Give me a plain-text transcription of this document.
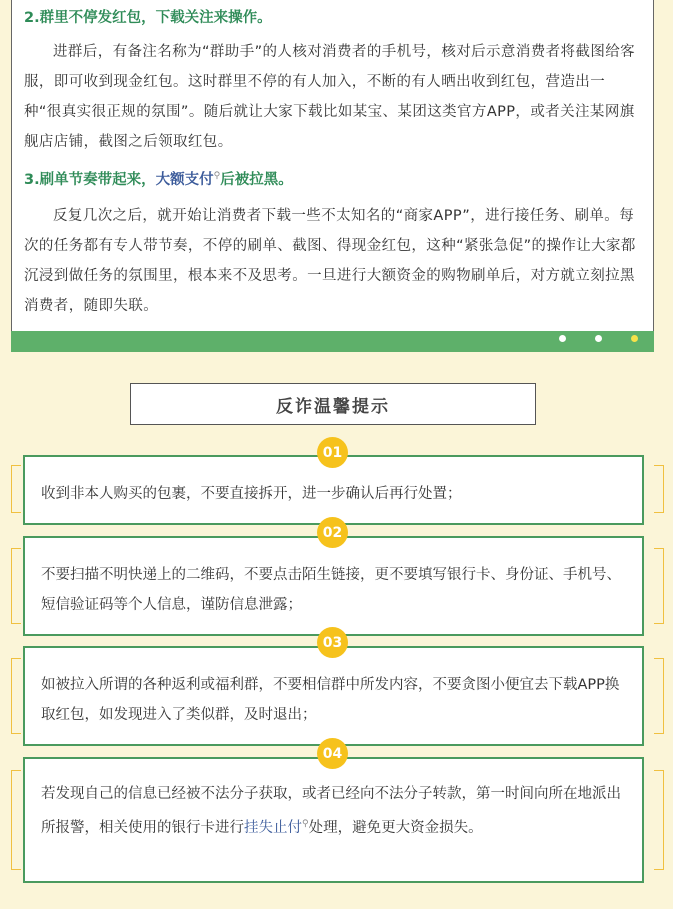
2.群里不停发红包，下载关注来操作。
进群后，有备注名称为“群助手”的人核对消费者的手机号，核对后示意消费者将截图给客服，即可收到现金红包。这时群里不停的有人加入，不断的有人晒出收到红包，营造出一种“很真实很正规的氛围”。随后就让大家下载比如某宝、某团这类官方APP，或者关注某网旗舰店店铺，截图之后领取红包。
3.刷单节奏带起来，大额支付⚲后被拉黑。
反复几次之后，就开始让消费者下载一些不太知名的“商家APP”，进行接任务、刷单。每次的任务都有专人带节奏，不停的刷单、截图、得现金红包，这种“紧张急促”的操作让大家都沉浸到做任务的氛围里，根本来不及思考。一旦进行大额资金的购物刷单后，对方就立刻拉黑消费者，随即失联。
反诈温馨提示
收到非本人购买的包裹，不要直接拆开，进一步确认后再行处置；
01
不要扫描不明快递上的二维码，不要点击陌生链接，更不要填写银行卡、身份证、手机号、短信验证码等个人信息，谨防信息泄露；
02
如被拉入所谓的各种返利或福利群，不要相信群中所发内容，不要贪图小便宜去下载APP换取红包，如发现进入了类似群，及时退出；
03
若发现自己的信息已经被不法分子获取，或者已经向不法分子转款，第一时间向所在地派出所报警，相关使用的银行卡进行挂失止付⚲处理，避免更大资金损失。
04
